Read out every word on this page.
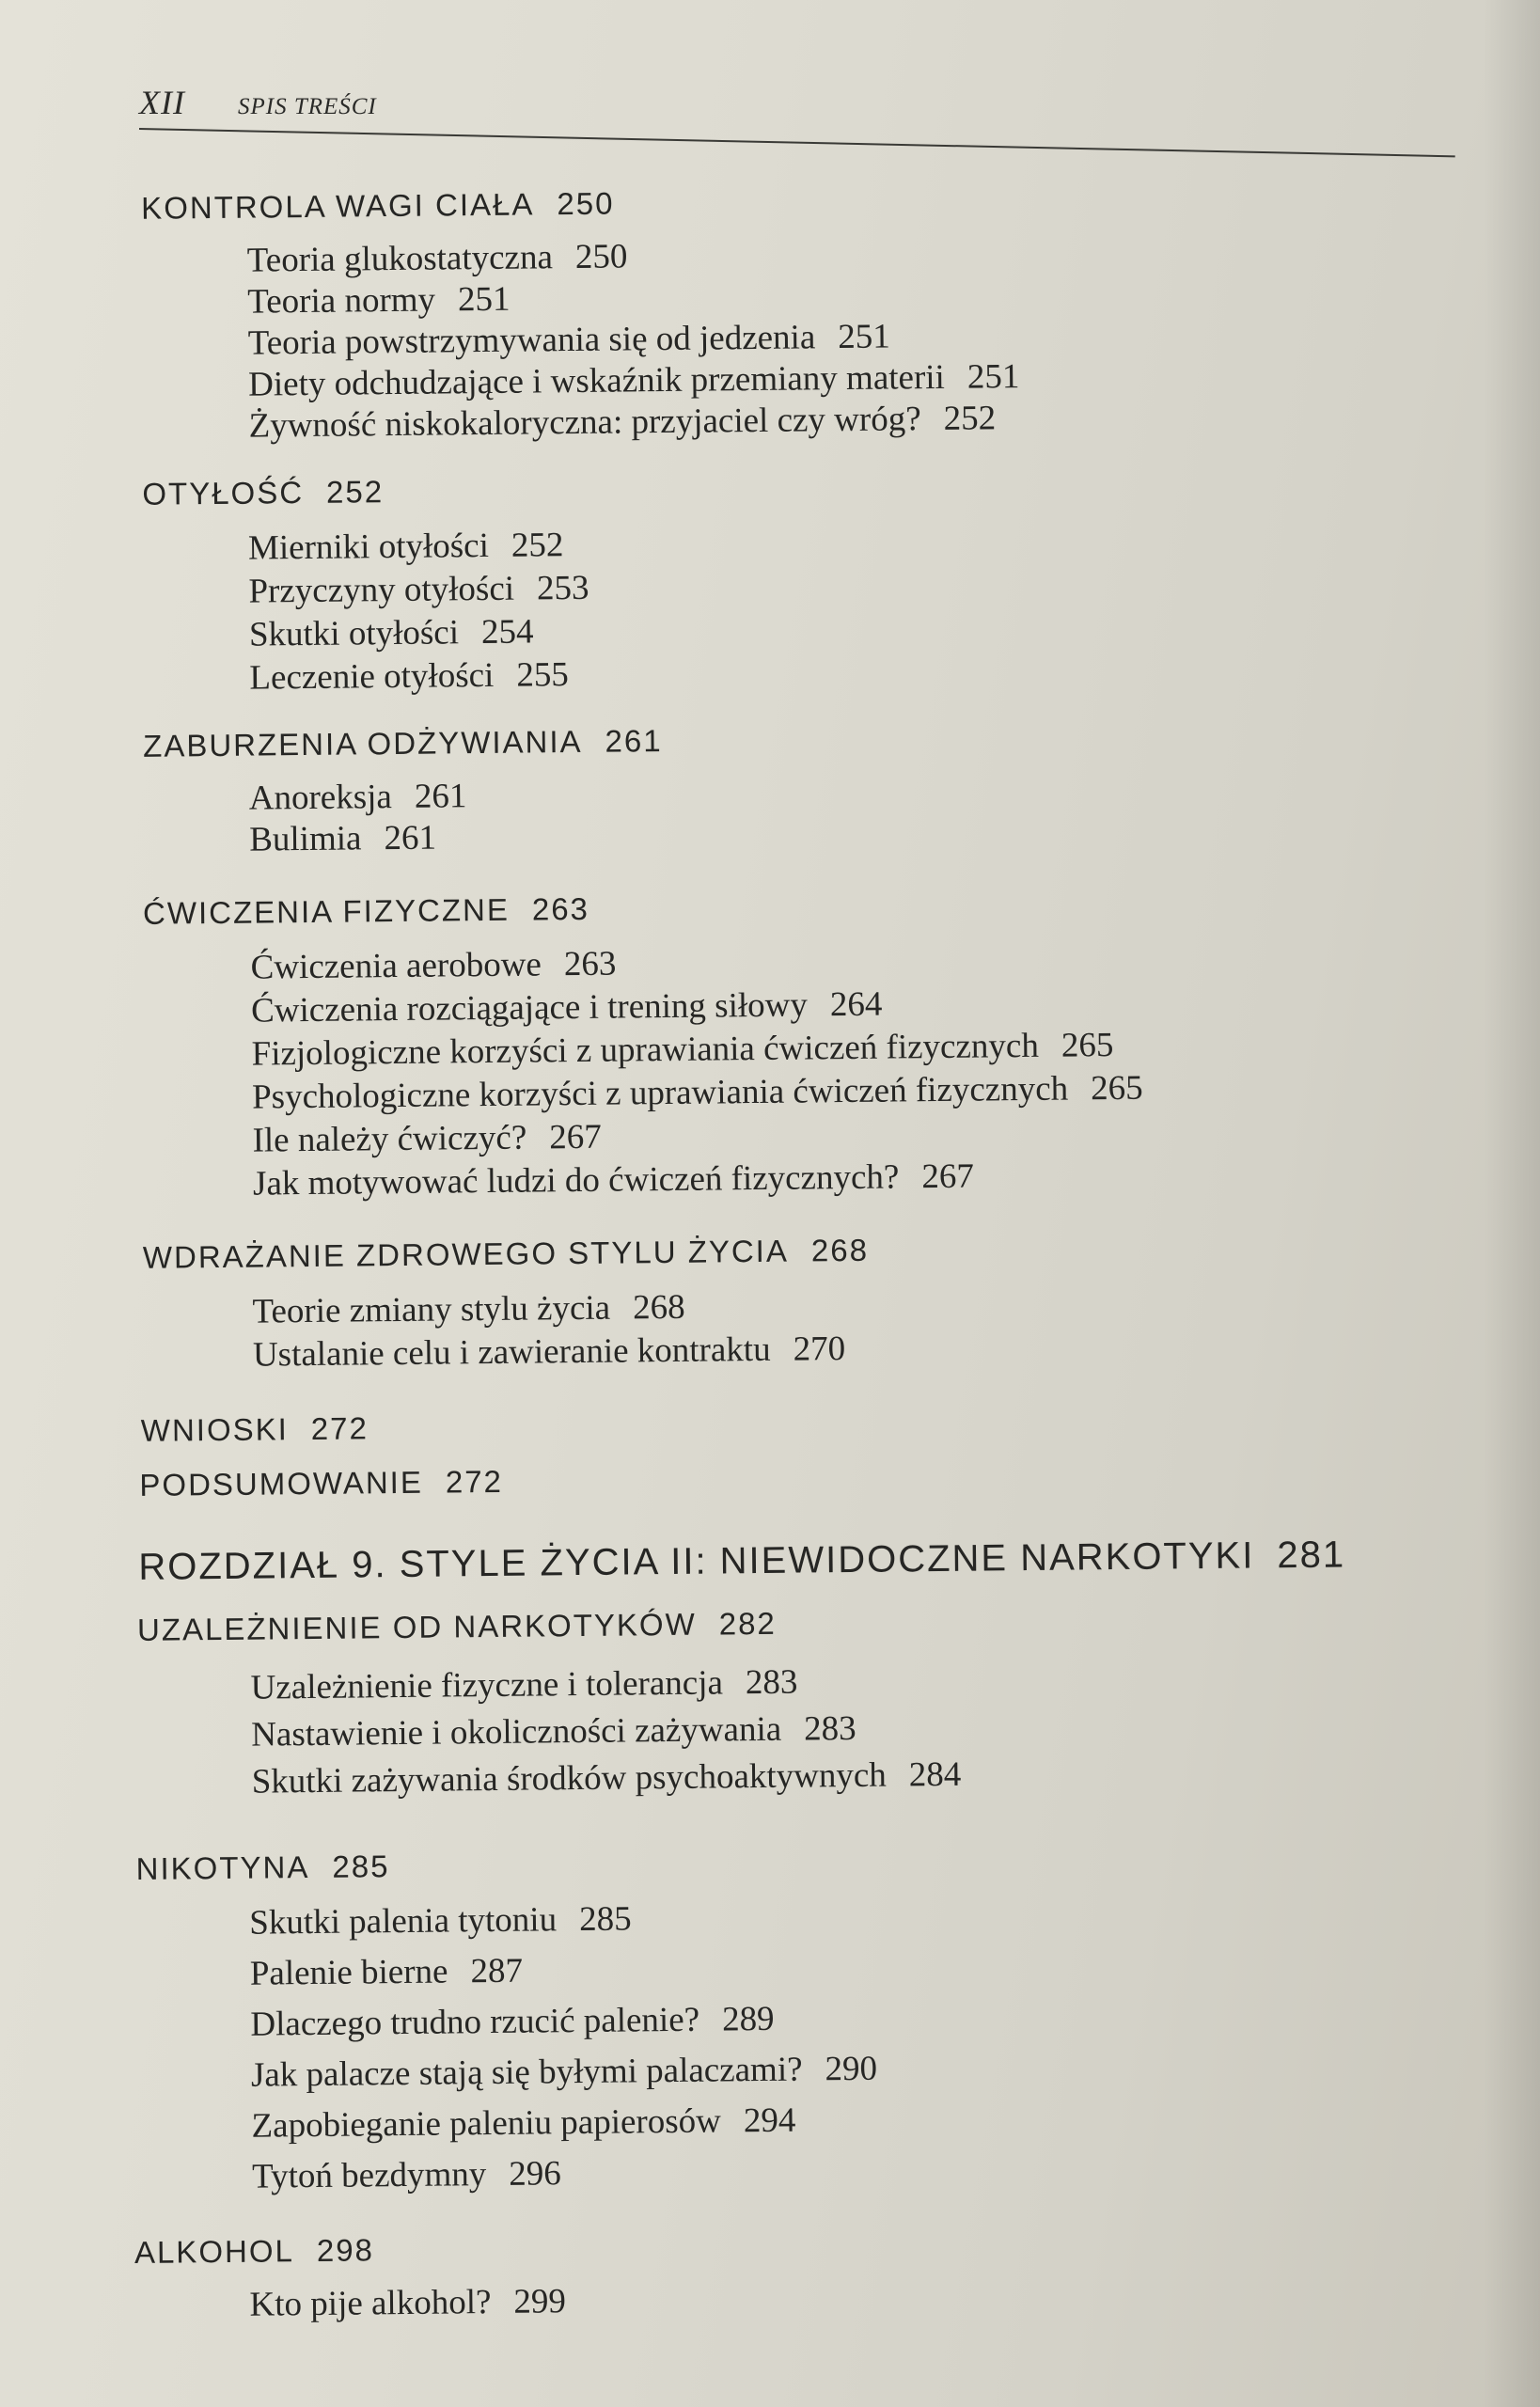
XII SPIS TREŚCI
KONTROLA WAGI CIAŁA 250
Teoria glukostatyczna 250
Teoria normy 251
Teoria powstrzymywania się od jedzenia 251
Diety odchudzające i wskaźnik przemiany materii 251
Żywność niskokaloryczna: przyjaciel czy wróg? 252
OTYŁOŚĆ 252
Mierniki otyłości 252
Przyczyny otyłości 253
Skutki otyłości 254
Leczenie otyłości 255
ZABURZENIA ODŻYWIANIA 261
Anoreksja 261
Bulimia 261
ĆWICZENIA FIZYCZNE 263
Ćwiczenia aerobowe 263
Ćwiczenia rozciągające i trening siłowy 264
Fizjologiczne korzyści z uprawiania ćwiczeń fizycznych 265
Psychologiczne korzyści z uprawiania ćwiczeń fizycznych 265
Ile należy ćwiczyć? 267
Jak motywować ludzi do ćwiczeń fizycznych? 267
WDRAŻANIE ZDROWEGO STYLU ŻYCIA 268
Teorie zmiany stylu życia 268
Ustalanie celu i zawieranie kontraktu 270
WNIOSKI 272
PODSUMOWANIE 272
ROZDZIAŁ 9. STYLE ŻYCIA II: NIEWIDOCZNE NARKOTYKI 281
UZALEŻNIENIE OD NARKOTYKÓW 282
Uzależnienie fizyczne i tolerancja 283
Nastawienie i okoliczności zażywania 283
Skutki zażywania środków psychoaktywnych 284
NIKOTYNA 285
Skutki palenia tytoniu 285
Palenie bierne 287
Dlaczego trudno rzucić palenie? 289
Jak palacze stają się byłymi palaczami? 290
Zapobieganie paleniu papierosów 294
Tytoń bezdymny 296
ALKOHOL 298
Kto pije alkohol? 299
